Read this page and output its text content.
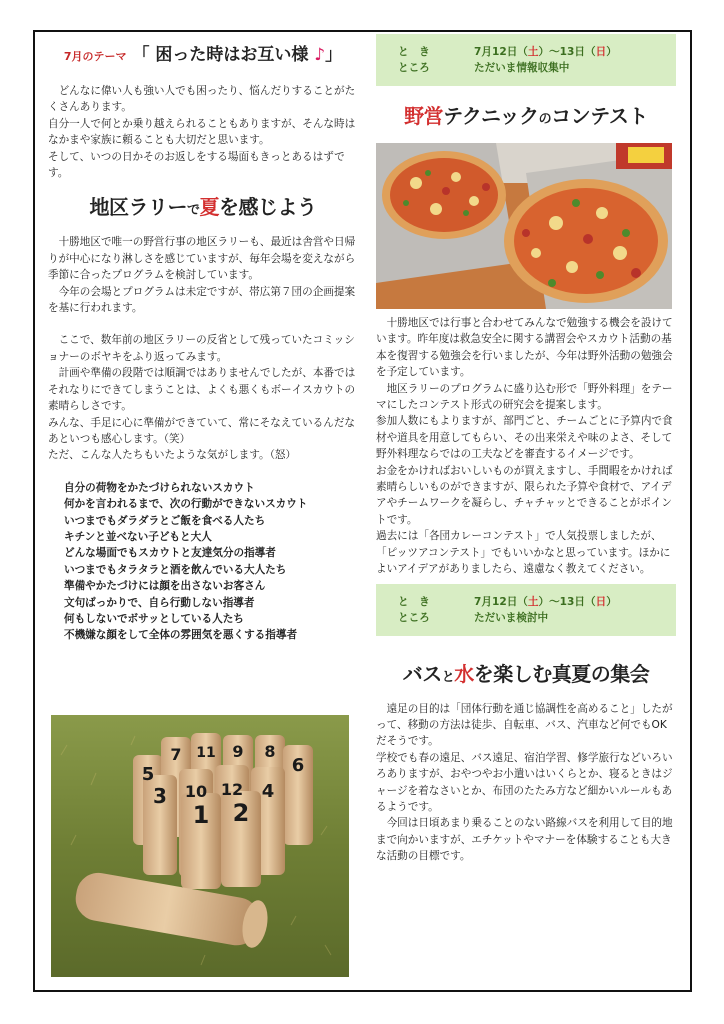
7月のテーマ 「 困った時はお互い様 ♪」

どんなに偉い人も強い人でも困ったり、悩んだりすることがたくさんあります。

自分一人で何とか乗り越えられることもありますが、そんな時はなかまや家族に頼ることも大切だと思います。

そして、いつの日かそのお返しをする場面もきっとあるはずです。

地区ラリーで夏を感じよう

十勝地区で唯一の野営行事の地区ラリーも、最近は舎営や日帰りが中心になり淋しさを感じていますが、毎年会場を変えながら季節に合ったプログラムを検討しています。

今年の会場とプログラムは未定ですが、帯広第７団の企画提案を基に行われます。

ここで、数年前の地区ラリーの反省として残っていたコミッショナーのボヤキをふり返ってみます。

計画や準備の段階では順調ではありませんでしたが、本番ではそれなりにできてしまうことは、よくも悪くもボーイスカウトの素晴らしさです。

みんな、手足に心に準備ができていて、常にそなえているんだなあといつも感心します。（笑）

ただ、こんな人たちもいたような気がします。（怒）

自分の荷物をかたづけられないスカウト
何かを言われるまで、次の行動ができないスカウト
いつまでもダラダラとご飯を食べる人たち
キチンと並べない子どもと大人
どんな場面でもスカウトと友達気分の指導者
いつまでもタラタラと酒を飲んでいる大人たち
準備やかたづけには顔を出さないお客さん
文句ばっかりで、自ら行動しない指導者
何もしないでボサッとしている人たち
不機嫌な顔をして全体の雰囲気を悪くする指導者
5
7 11 9 8
3 10 12
6
1 2
4
と　き	7月12日（土）～13日（日）
ところ	ただいま情報収集中
野営テクニックのコンテスト

十勝地区では行事と合わせてみんなで勉強する機会を設けています。昨年度は救急安全に関する講習会やスカウト活動の基本を復習する勉強会を行いましたが、今年は野外活動の勉強会を予定しています。

地区ラリーのプログラムに盛り込む形で「野外料理」をテーマにしたコンテスト形式の研究会を提案します。

参加人数にもよりますが、部門ごと、チームごとに予算内で食材や道具を用意してもらい、その出来栄えや味のよさ、そして野外料理ならではの工夫などを審査するイメージです。

お金をかければおいしいものが買えますし、手間暇をかければ素晴らしいものができますが、限られた予算や食材で、アイデアやチームワークを凝らし、チャチャッとできることがポイントです。

過去には「各団カレーコンテスト」で人気投票しましたが、「ピッツアコンテスト」でもいいかなと思っています。ほかによいアイデアがありましたら、遠慮なく教えてください。

と　き	7月12日（土）～13日（日）
ところ	ただいま検討中
バスと水を楽しむ真夏の集会

遠足の目的は「団体行動を通じ協調性を高めること」したがって、移動の方法は徒歩、自転車、バス、汽車など何でもOKだそうです。

学校でも春の遠足、バス遠足、宿泊学習、修学旅行などいろいろありますが、おやつやお小遣いはいくらとか、寝るときはジャージを着なさいとか、布団のたたみ方など細かいルールもあるようです。

今回は日頃あまり乗ることのない路線バスを利用して目的地まで向かいますが、エチケットやマナーを体験することも大きな活動の目標です。
